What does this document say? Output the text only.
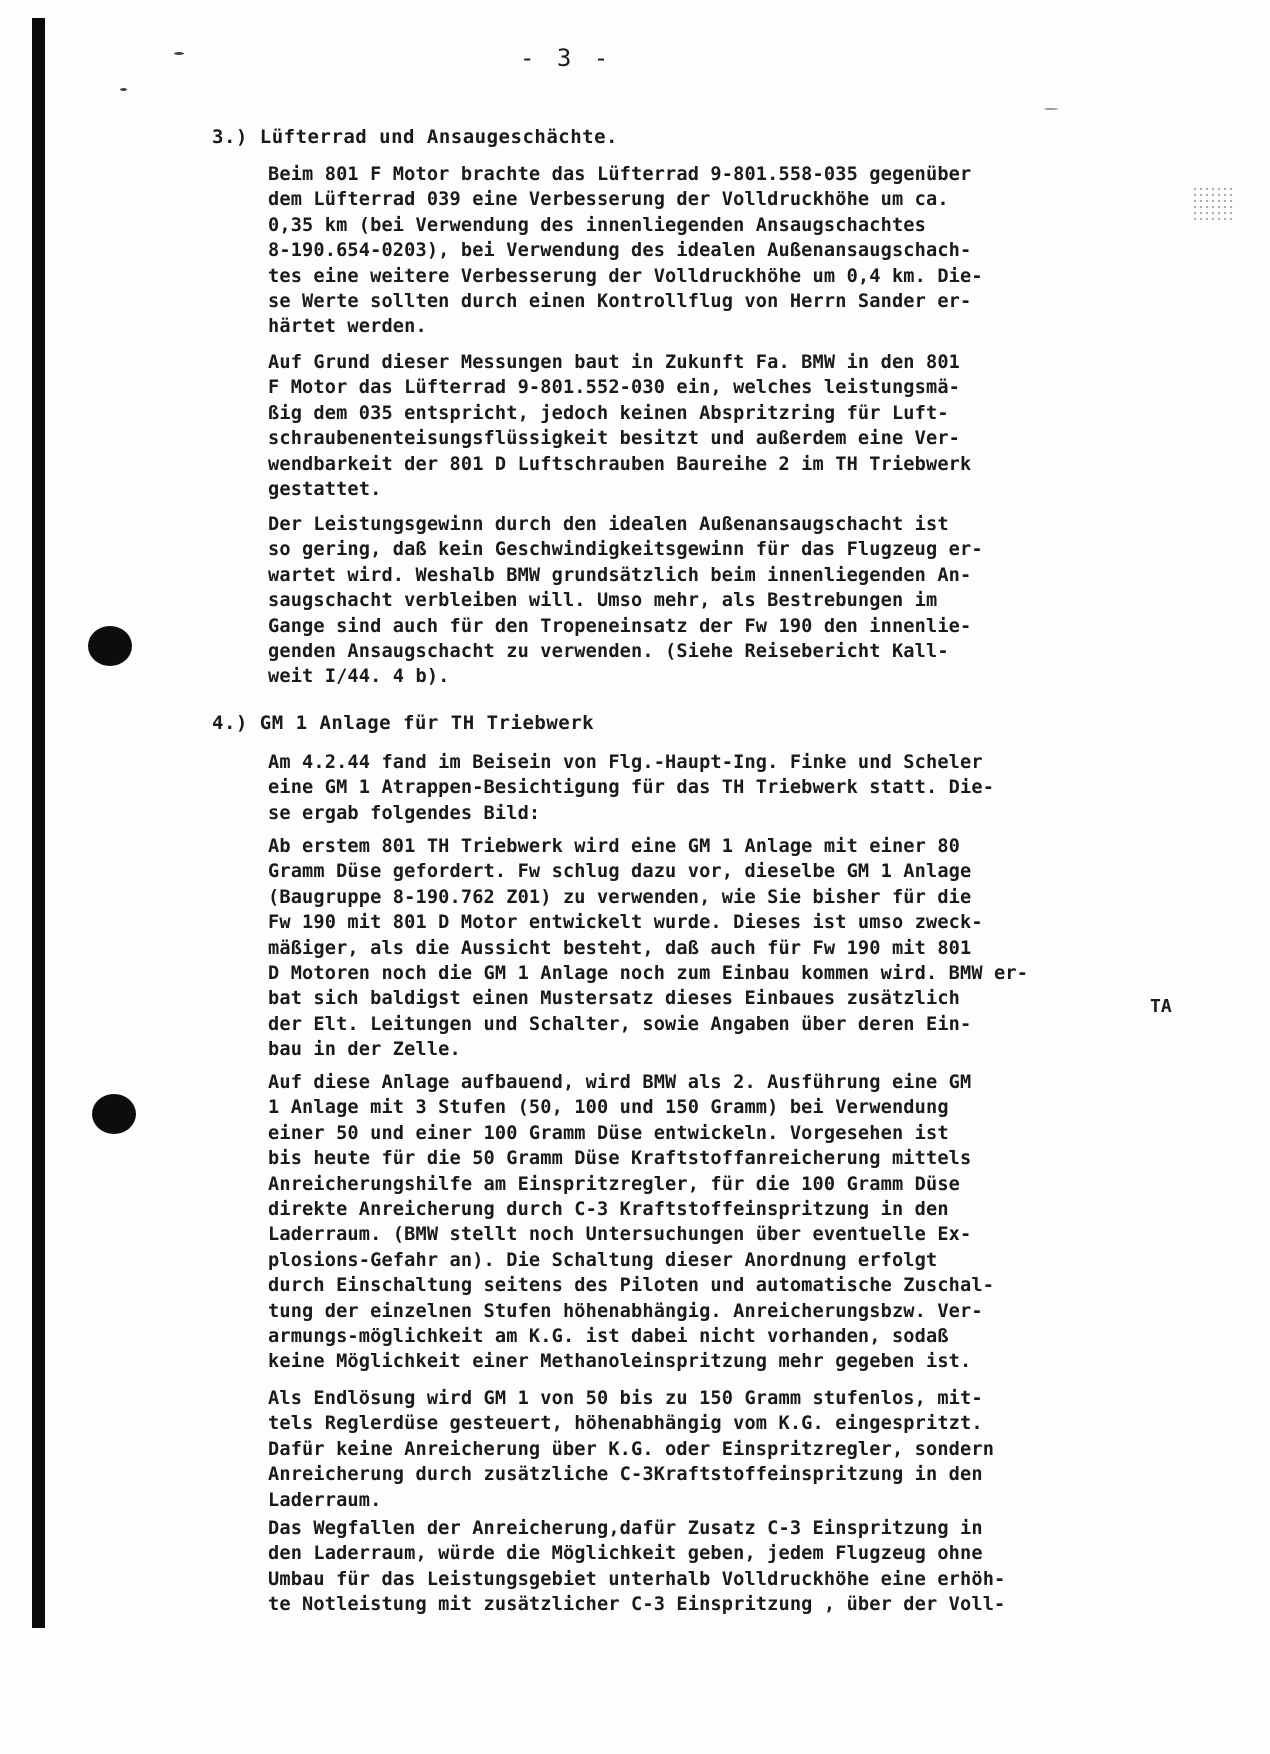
- 3 -
3.) Lüfterrad und Ansaugeschächte.

Beim 801 F Motor brachte das Lüfterrad 9-801.558-035 gegenüber
dem Lüfterrad 039 eine Verbesserung der Volldruckhöhe um ca.
0,35 km (bei Verwendung des innenliegenden Ansaugschachtes
8-190.654-0203), bei Verwendung des idealen Außenansaugschach-
tes eine weitere Verbesserung der Volldruckhöhe um 0,4 km. Die-
se Werte sollten durch einen Kontrollflug von Herrn Sander er-
härtet werden.

Auf Grund dieser Messungen baut in Zukunft Fa. BMW in den 801
F Motor das Lüfterrad 9-801.552-030 ein, welches leistungsmä-
ßig dem 035 entspricht, jedoch keinen Abspritzring für Luft-
schraubenenteisungsflüssigkeit besitzt und außerdem eine Ver-
wendbarkeit der 801 D Luftschrauben Baureihe 2 im TH Triebwerk
gestattet.

Der Leistungsgewinn durch den idealen Außenansaugschacht ist
so gering, daß kein Geschwindigkeitsgewinn für das Flugzeug er-
wartet wird. Weshalb BMW grundsätzlich beim innenliegenden An-
saugschacht verbleiben will. Umso mehr, als Bestrebungen im
Gange sind auch für den Tropeneinsatz der Fw 190 den innenlie-
genden Ansaugschacht zu verwenden. (Siehe Reisebericht Kall-
weit I/44. 4 b).

4.) GM 1 Anlage für TH Triebwerk

Am 4.2.44 fand im Beisein von Flg.-Haupt-Ing. Finke und Scheler
eine GM 1 Atrappen-Besichtigung für das TH Triebwerk statt. Die-
se ergab folgendes Bild:

Ab erstem 801 TH Triebwerk wird eine GM 1 Anlage mit einer 80
Gramm Düse gefordert. Fw schlug dazu vor, dieselbe GM 1 Anlage
(Baugruppe 8-190.762 Z01) zu verwenden, wie Sie bisher für die
Fw 190 mit 801 D Motor entwickelt wurde. Dieses ist umso zweck-
mäßiger, als die Aussicht besteht, daß auch für Fw 190 mit 801
D Motoren noch die GM 1 Anlage noch zum Einbau kommen wird. BMW er-
bat sich baldigst einen Mustersatz dieses Einbaues zusätzlich
der Elt. Leitungen und Schalter, sowie Angaben über deren Ein-
bau in der Zelle.

Auf diese Anlage aufbauend, wird BMW als 2. Ausführung eine GM
1 Anlage mit 3 Stufen (50, 100 und 150 Gramm) bei Verwendung
einer 50 und einer 100 Gramm Düse entwickeln. Vorgesehen ist
bis heute für die 50 Gramm Düse Kraftstoffanreicherung mittels
Anreicherungshilfe am Einspritzregler, für die 100 Gramm Düse
direkte Anreicherung durch C-3 Kraftstoffeinspritzung in den
Laderraum. (BMW stellt noch Untersuchungen über eventuelle Ex-
plosions-Gefahr an). Die Schaltung dieser Anordnung erfolgt
durch Einschaltung seitens des Piloten und automatische Zuschal-
tung der einzelnen Stufen höhenabhängig. Anreicherungsbzw. Ver-
armungs-möglichkeit am K.G. ist dabei nicht vorhanden, sodaß
keine Möglichkeit einer Methanoleinspritzung mehr gegeben ist.

Als Endlösung wird GM 1 von 50 bis zu 150 Gramm stufenlos, mit-
tels Reglerdüse gesteuert, höhenabhängig vom K.G. eingespritzt.
Dafür keine Anreicherung über K.G. oder Einspritzregler, sondern
Anreicherung durch zusätzliche C-3Kraftstoffeinspritzung in den
Laderraum.

Das Wegfallen der Anreicherung,dafür Zusatz C-3 Einspritzung in
den Laderraum, würde die Möglichkeit geben, jedem Flugzeug ohne
Umbau für das Leistungsgebiet unterhalb Volldruckhöhe eine erhöh-
te Notleistung mit zusätzlicher C-3 Einspritzung , über der Voll-

TA
